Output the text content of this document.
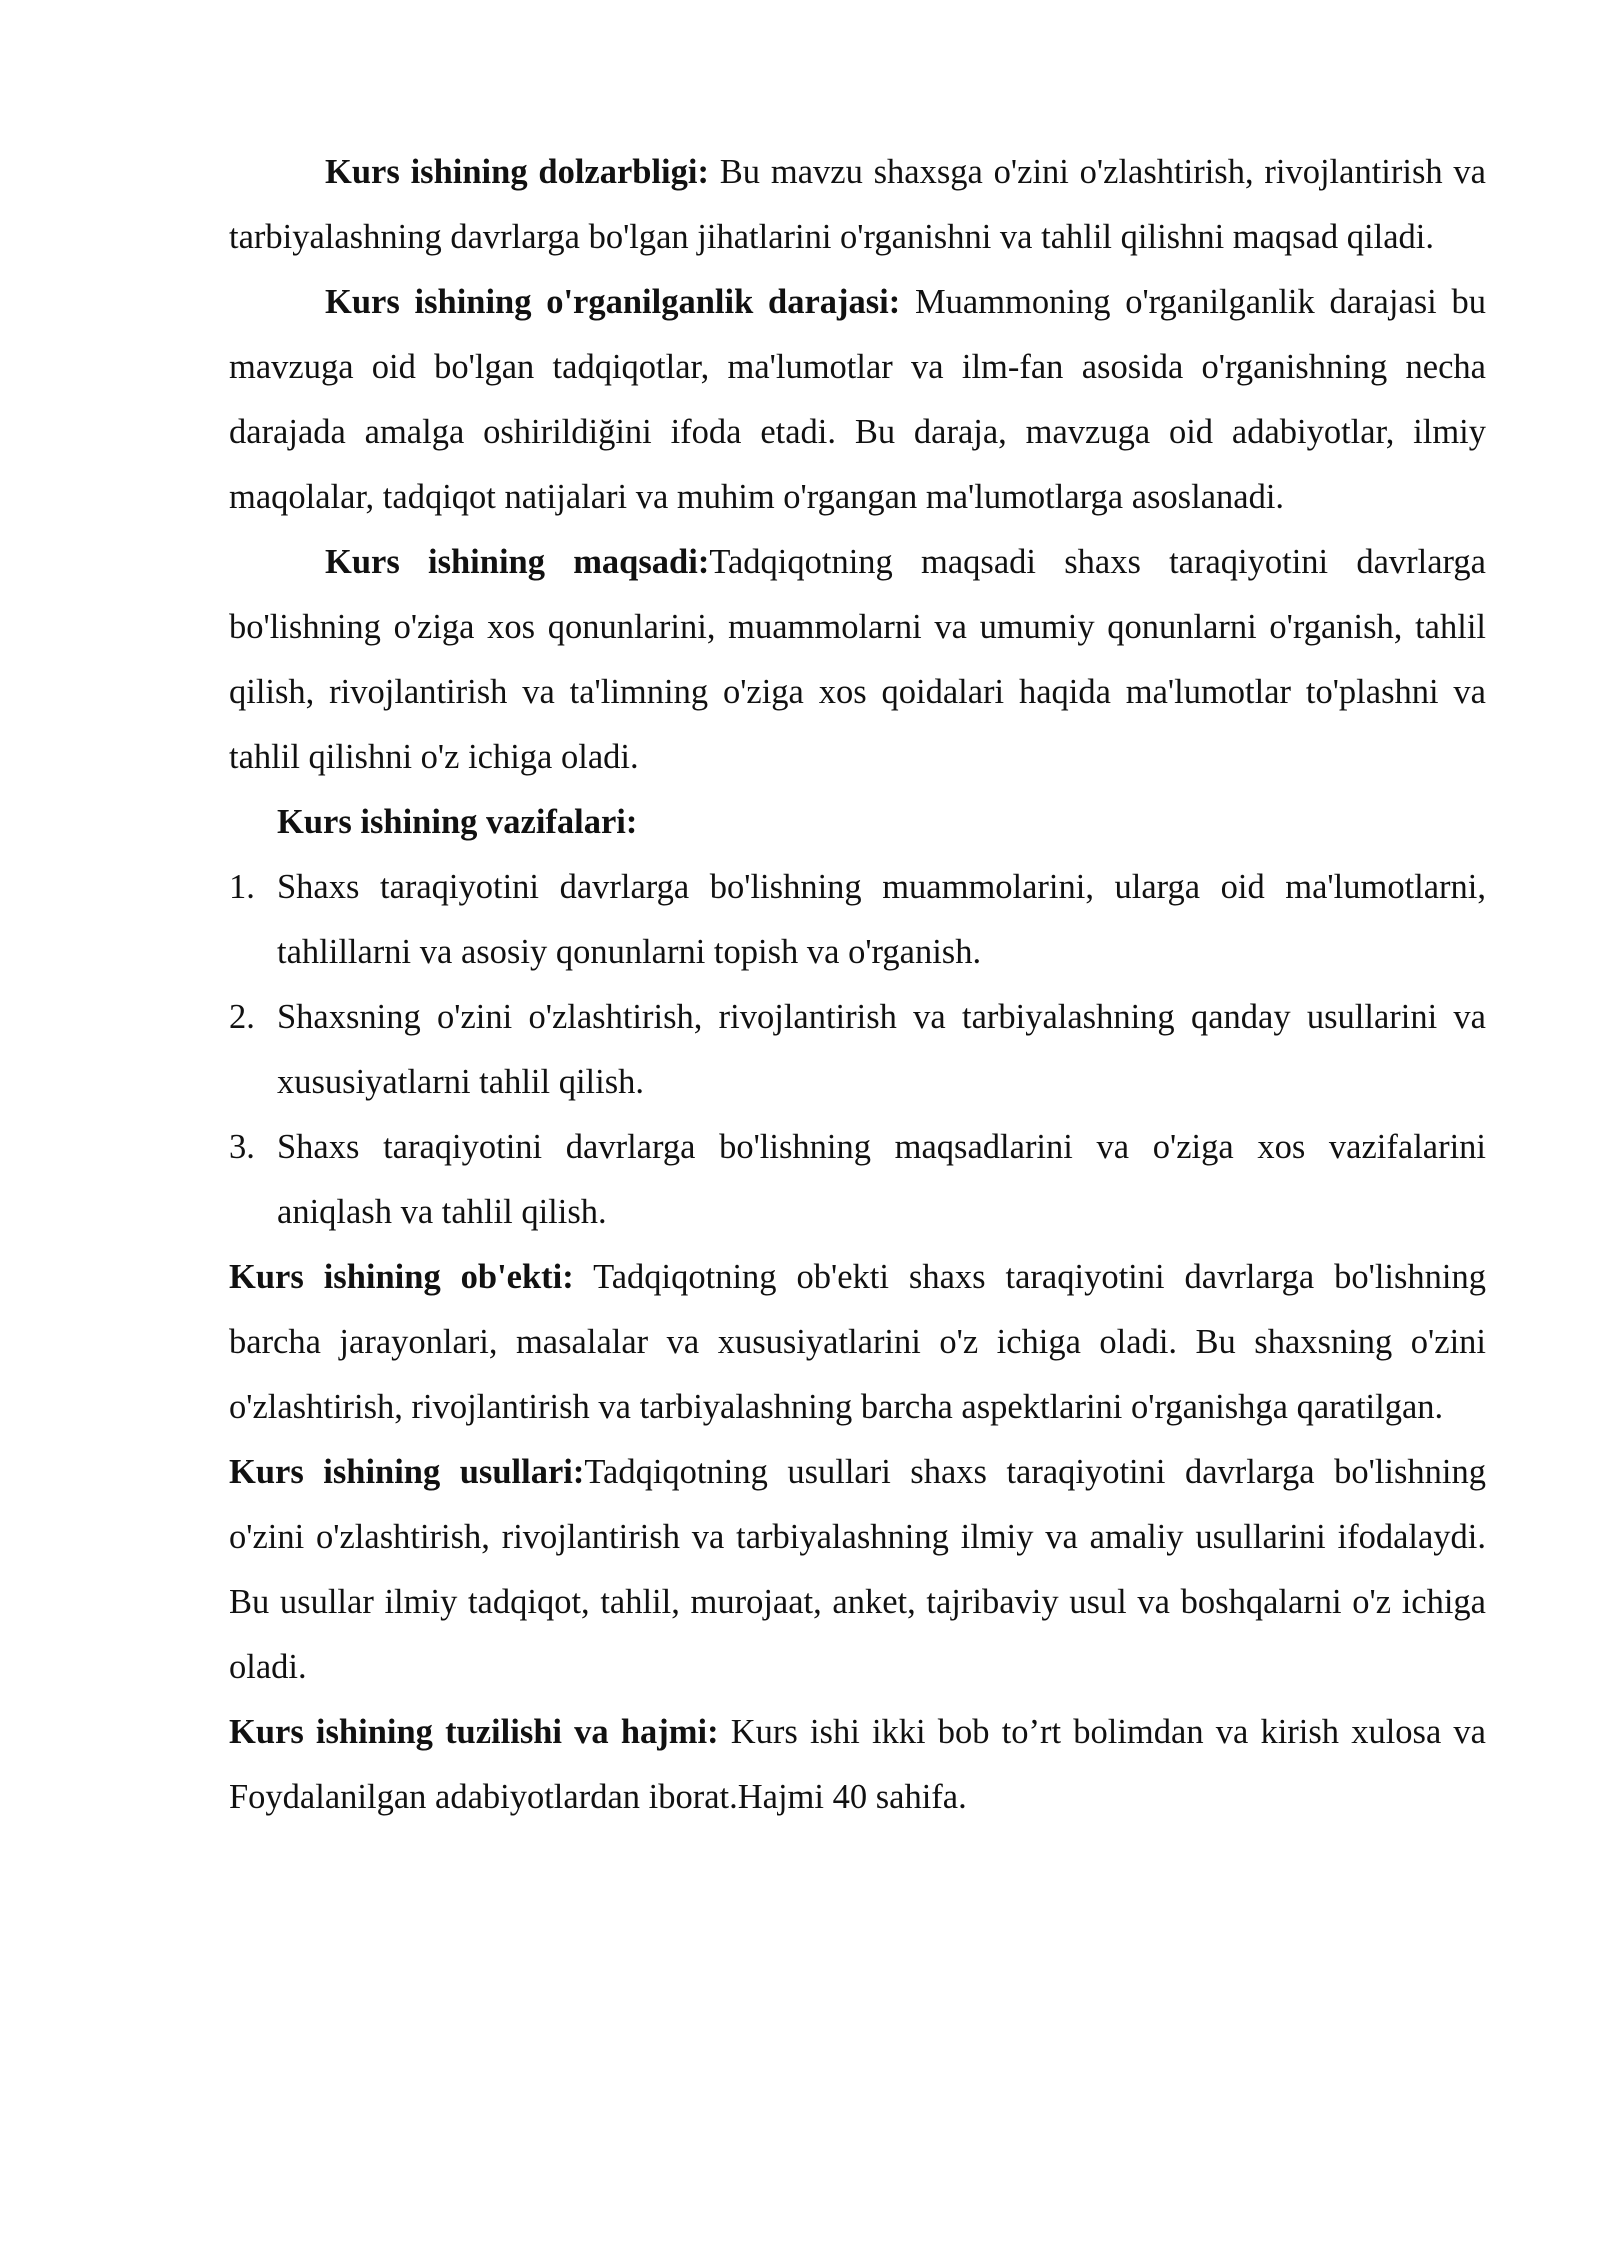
Kurs ishining dolzarbligi: Bu mavzu shaxsga o'zini o'zlashtirish, rivojlantirish va tarbiyalashning davrlarga bo'lgan jihatlarini o'rganishni va tahlil qilishni maqsad qiladi.

Kurs ishining o'rganilganlik darajasi: Muammoning o'rganilganlik darajasi bu mavzuga oid bo'lgan tadqiqotlar, ma'lumotlar va ilm-fan asosida o'rganishning necha darajada amalga oshirildiğini ifoda etadi. Bu daraja, mavzuga oid adabiyotlar, ilmiy maqolalar, tadqiqot natijalari va muhim o'rgangan ma'lumotlarga asoslanadi.

Kurs ishining maqsadi:Tadqiqotning maqsadi shaxs taraqiyotini davrlarga bo'lishning o'ziga xos qonunlarini, muammolarni va umumiy qonunlarni o'rganish, tahlil qilish, rivojlantirish va ta'limning o'ziga xos qoidalari haqida ma'lumotlar to'plashni va tahlil qilishni o'z ichiga oladi.

Kurs ishining vazifalari:

1. Shaxs taraqiyotini davrlarga bo'lishning muammolarini, ularga oid ma'lumotlarni, tahlillarni va asosiy qonunlarni topish va o'rganish.
2. Shaxsning o'zini o'zlashtirish, rivojlantirish va tarbiyalashning qanday usullarini va xususiyatlarni tahlil qilish.
3. Shaxs taraqiyotini davrlarga bo'lishning maqsadlarini va o'ziga xos vazifalarini aniqlash va tahlil qilish.

Kurs ishining ob'ekti: Tadqiqotning ob'ekti shaxs taraqiyotini davrlarga bo'lishning barcha jarayonlari, masalalar va xususiyatlarini o'z ichiga oladi. Bu shaxsning o'zini o'zlashtirish, rivojlantirish va tarbiyalashning barcha aspektlarini o'rganishga qaratilgan.

Kurs ishining usullari:Tadqiqotning usullari shaxs taraqiyotini davrlarga bo'lishning o'zini o'zlashtirish, rivojlantirish va tarbiyalashning ilmiy va amaliy usullarini ifodalaydi. Bu usullar ilmiy tadqiqot, tahlil, murojaat, anket, tajribaviy usul va boshqalarni o'z ichiga oladi.

Kurs ishining tuzilishi va hajmi: Kurs ishi ikki bob to’rt bolimdan va kirish xulosa va Foydalanilgan adabiyotlardan iborat.Hajmi 40 sahifa.
